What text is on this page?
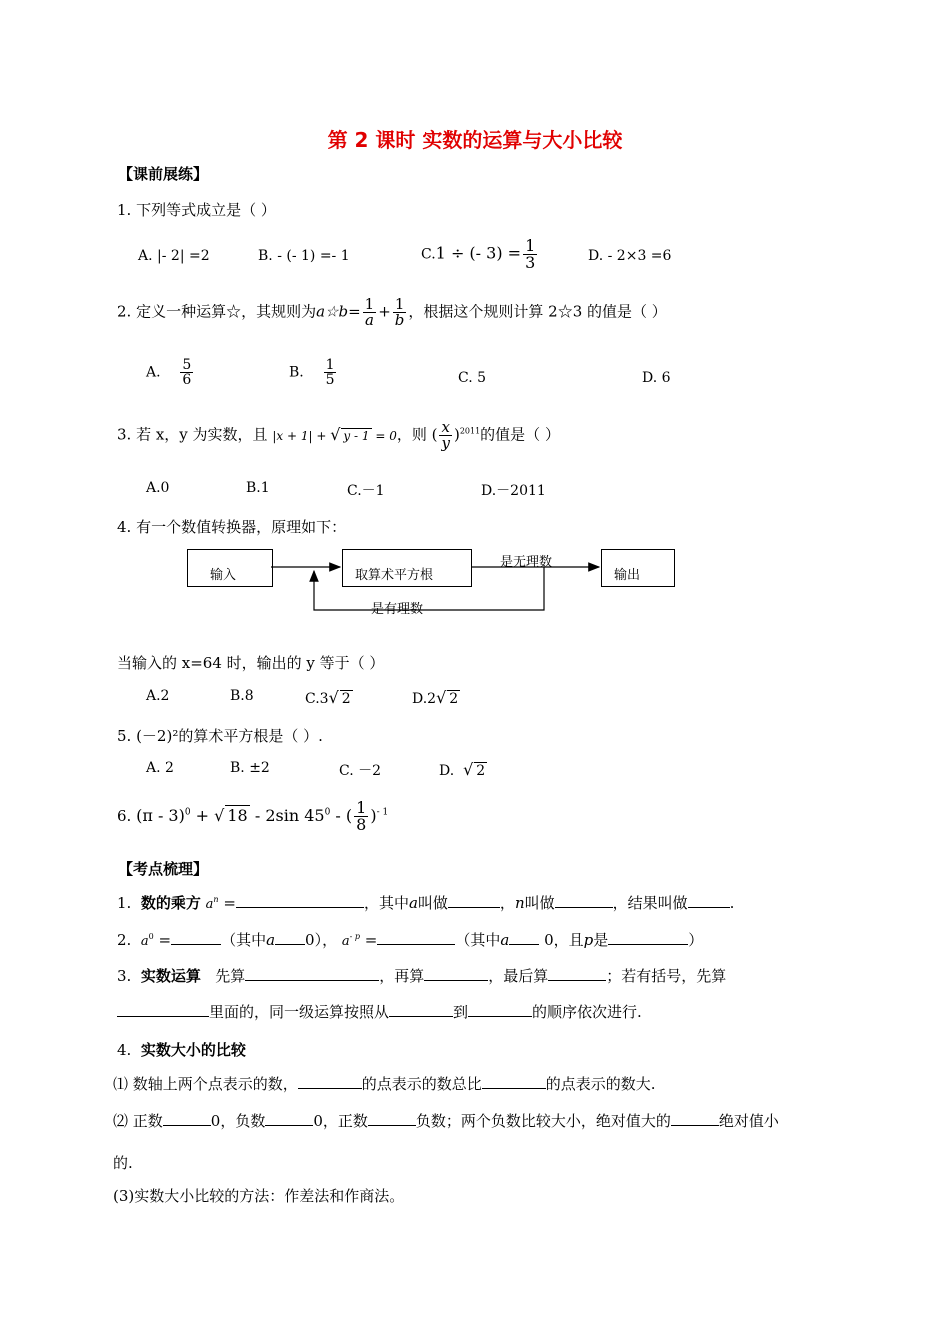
第 2 课时 实数的运算与大小比较
【课前展练】
1. 下列等式成立是（ ）
A. |- 2| =2	B. - (- 1) =- 1	C.1 ÷ (- $3) = \frac{1}{3}$	D. - 2×3 =6
2. 定义一种运算☆，其规则为a☆b= $\frac{1}{a} + \frac{1}{b}$ ，根据这个规则计算 2☆3 的值是（ ）
A. $\frac{5}{6}$	B. $\frac{1}{5}$	C. 5	D. 6
3. 若 x，y 为实数，且 |x + 1| + √ y - 1 = 0，则 ( $\frac{x}{y} )^{2011}$的值是（ ）
A.0	B.1	C.－1	D.－2011
4. 有一个数值转换器，原理如下：
输入	取算术平方根	输出
是无理数
是有理数
当输入的 x=64 时，输出的 y 等于（ ）
A.2	B.8	C.3√ 2	D.2√ 2
5. (－2)²的算术平方根是（ ）.
A. 2	B. ±2	C. －2	D. √ 2
6. (π - 3)$^0$ + √ 18 - 2sin $45^0$ - ( $\frac{1}{8} )^{- 1}$
【考点梳理】
1. 数的乘方 $a^n$ =	，其中a叫做	，n叫做	，结果叫做	.
2. $a^0$ =	（其中a 0）， $a^{- p}$ =	（其中a 0，且p是	）
3. 实数运算 先算	，再算	，最后算	；若有括号，先算
里面的，同一级运算按照从	到	的顺序依次进行.
4. 实数大小的比较
⑴ 数轴上两个点表示的数，	的点表示的数总比	的点表示的数大.
⑵ 正数	0，负数	0，正数	负数；两个负数比较大小，绝对值大的	绝对值小
的.
(3)实数大小比较的方法：作差法和作商法。
